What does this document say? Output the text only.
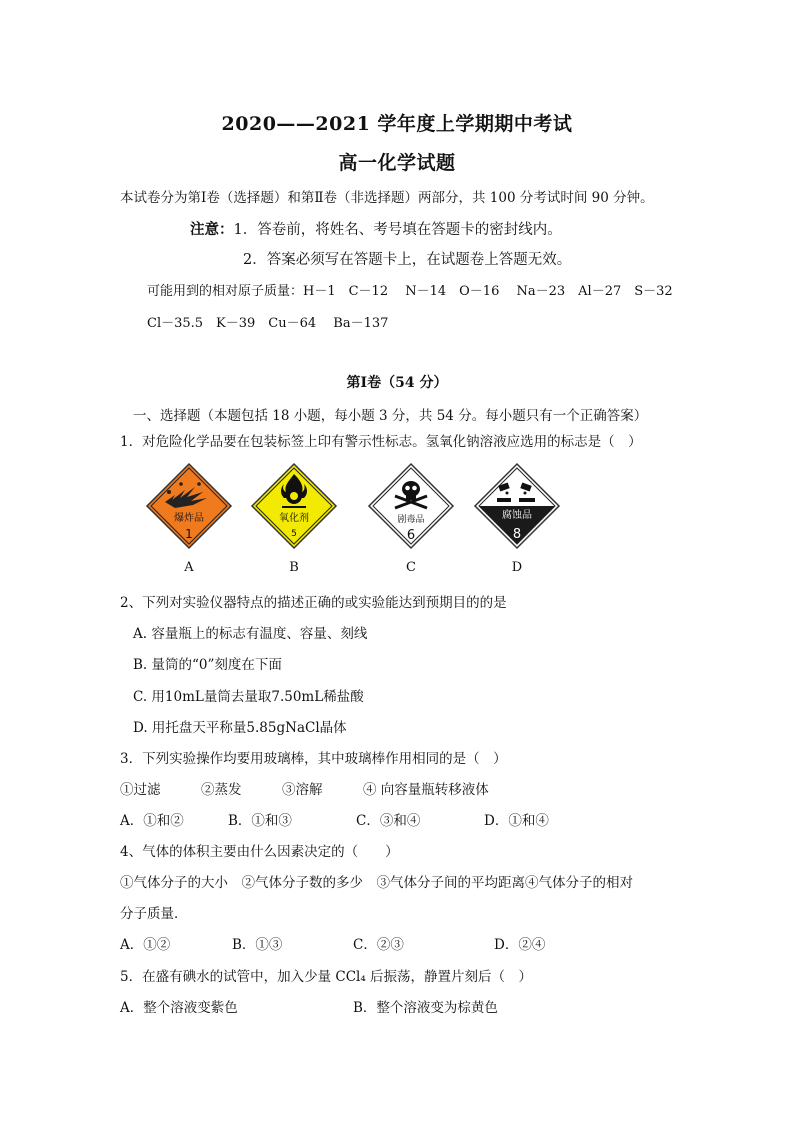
2020——2021 学年度上学期期中考试
高一化学试题
本试卷分为第Ⅰ卷（选择题）和第Ⅱ卷（非选择题）两部分，共 100 分考试时间 90 分钟。
注意：1．答卷前，将姓名、考号填在答题卡的密封线内。
2．答案必须写在答题卡上，在试题卷上答题无效。
可能用到的相对原子质量：H－1　C－12　 N－14　O－16　 Na－23　Al－27　S－32
Cl－35.5　K－39　Cu－64　 Ba－137
第Ⅰ卷（54 分）
一、选择题（本题包括 18 小题，每小题 3 分，共 54 分。每小题只有一个正确答案）
1．对危险化学品要在包装标签上印有警示性标志。氢氧化钠溶液应选用的标志是（　）
爆炸品
1
氧化剂
5
剧毒品
6
腐蚀品
8
A	B	C	D
2、下列对实验仪器特点的描述正确的或实验能达到预期目的的是
A. 容量瓶上的标志有温度、容量、刻线
B. 量筒的“0”刻度在下面
C. 用10mL量筒去量取7.50mL稀盐酸
D. 用托盘天平称量5.85gNaCl晶体
3．下列实验操作均要用玻璃棒，其中玻璃棒作用相同的是（　）
①过滤　　　②蒸发　　　③溶解　　　④ 向容量瓶转移液体
A．①和②	B．①和③	C．③和④	D．①和④
4、气体的体积主要由什么因素决定的（　　）
①气体分子的大小　②气体分子数的多少　③气体分子间的平均距离④气体分子的相对
分子质量．
A．①②	B．①③	C．②③	D．②④
5．在盛有碘水的试管中，加入少量 CCl₄ 后振荡，静置片刻后（　）
A．整个溶液变紫色	B．整个溶液变为棕黄色
